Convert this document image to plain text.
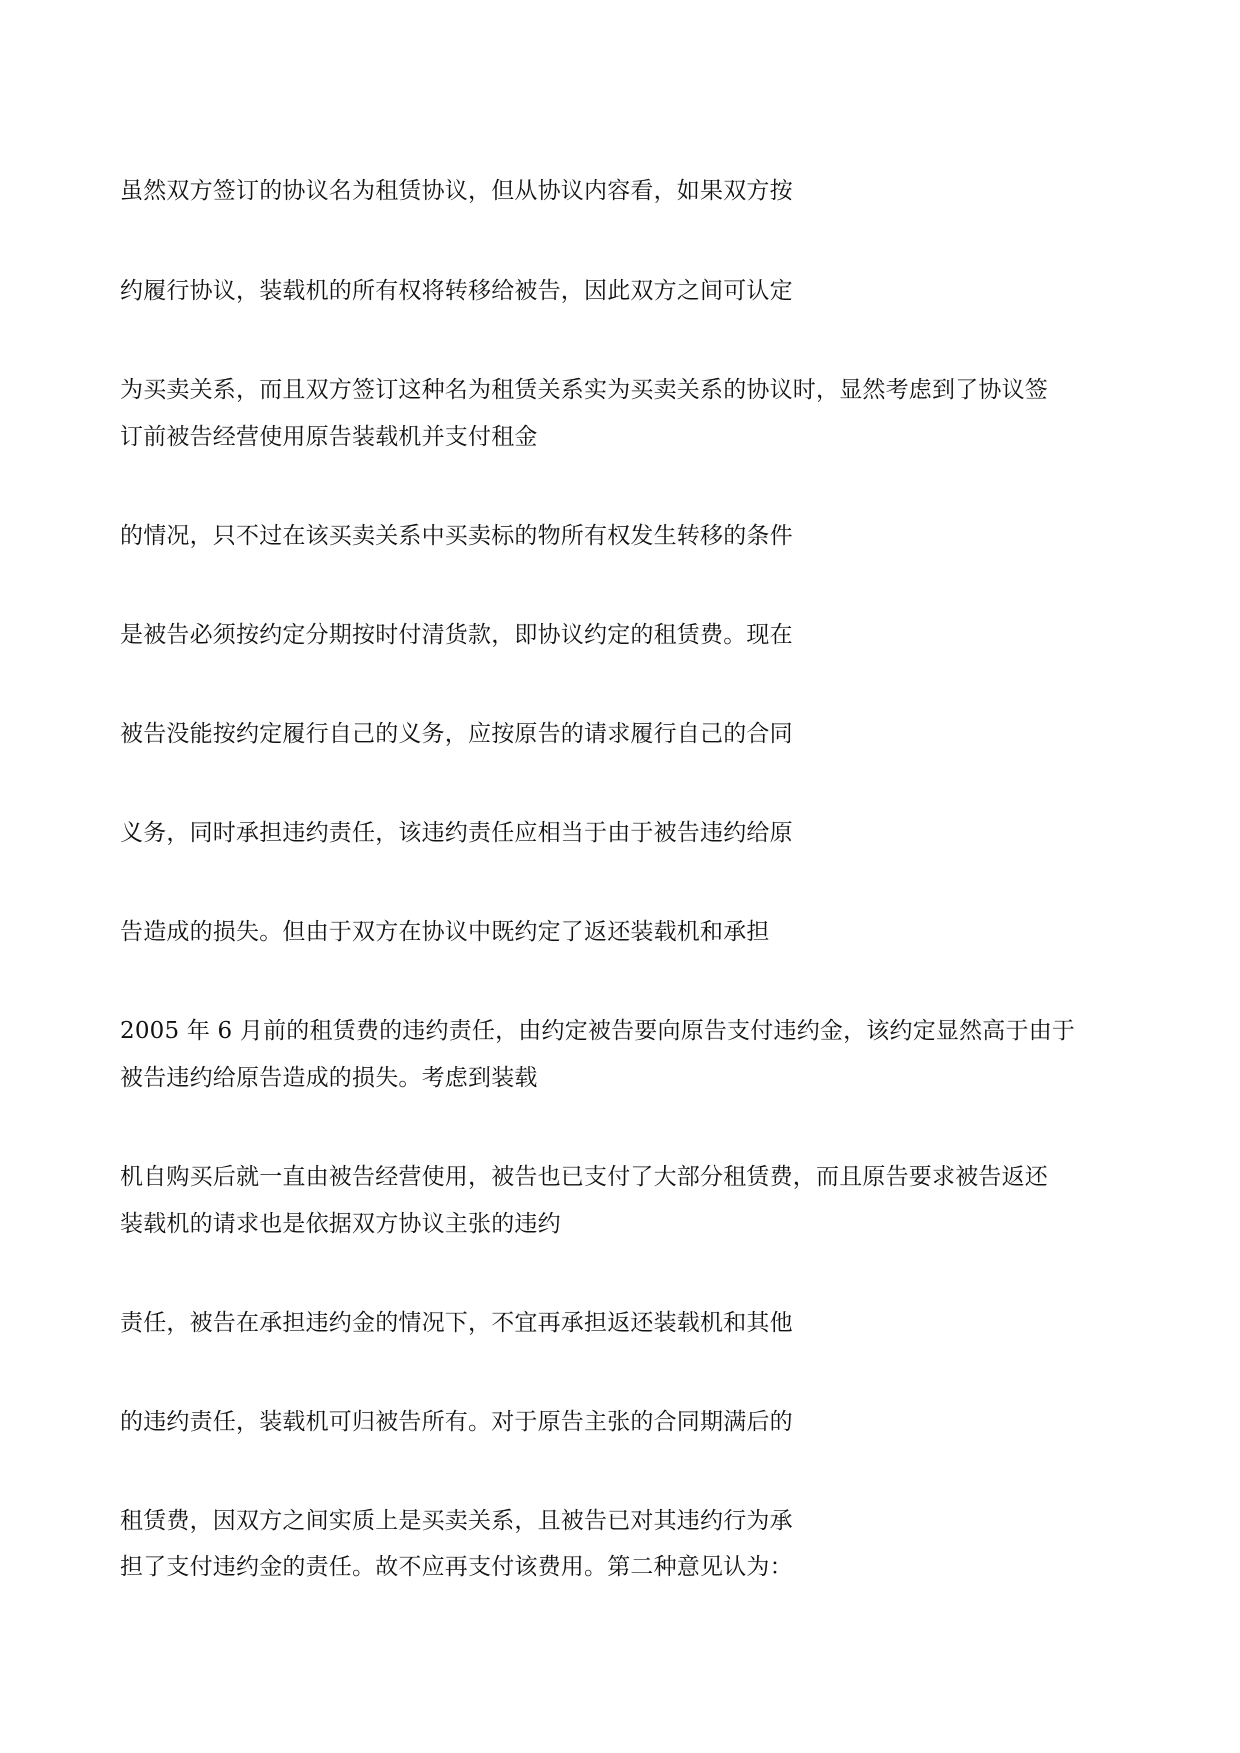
虽然双方签订的协议名为租赁协议，但从协议内容看，如果双方按
约履行协议，装载机的所有权将转移给被告，因此双方之间可认定
为买卖关系，而且双方签订这种名为租赁关系实为买卖关系的协议时，显然考虑到了协议签
订前被告经营使用原告装载机并支付租金
的情况，只不过在该买卖关系中买卖标的物所有权发生转移的条件
是被告必须按约定分期按时付清货款，即协议约定的租赁费。现在
被告没能按约定履行自己的义务，应按原告的请求履行自己的合同
义务，同时承担违约责任，该违约责任应相当于由于被告违约给原
告造成的损失。但由于双方在协议中既约定了返还装载机和承担
2005 年 6 月前的租赁费的违约责任，由约定被告要向原告支付违约金，该约定显然高于由于
被告违约给原告造成的损失。考虑到装载
机自购买后就一直由被告经营使用，被告也已支付了大部分租赁费，而且原告要求被告返还
装载机的请求也是依据双方协议主张的违约
责任，被告在承担违约金的情况下，不宜再承担返还装载机和其他
的违约责任，装载机可归被告所有。对于原告主张的合同期满后的
租赁费，因双方之间实质上是买卖关系，且被告已对其违约行为承
担了支付违约金的责任。故不应再支付该费用。第二种意见认为：
